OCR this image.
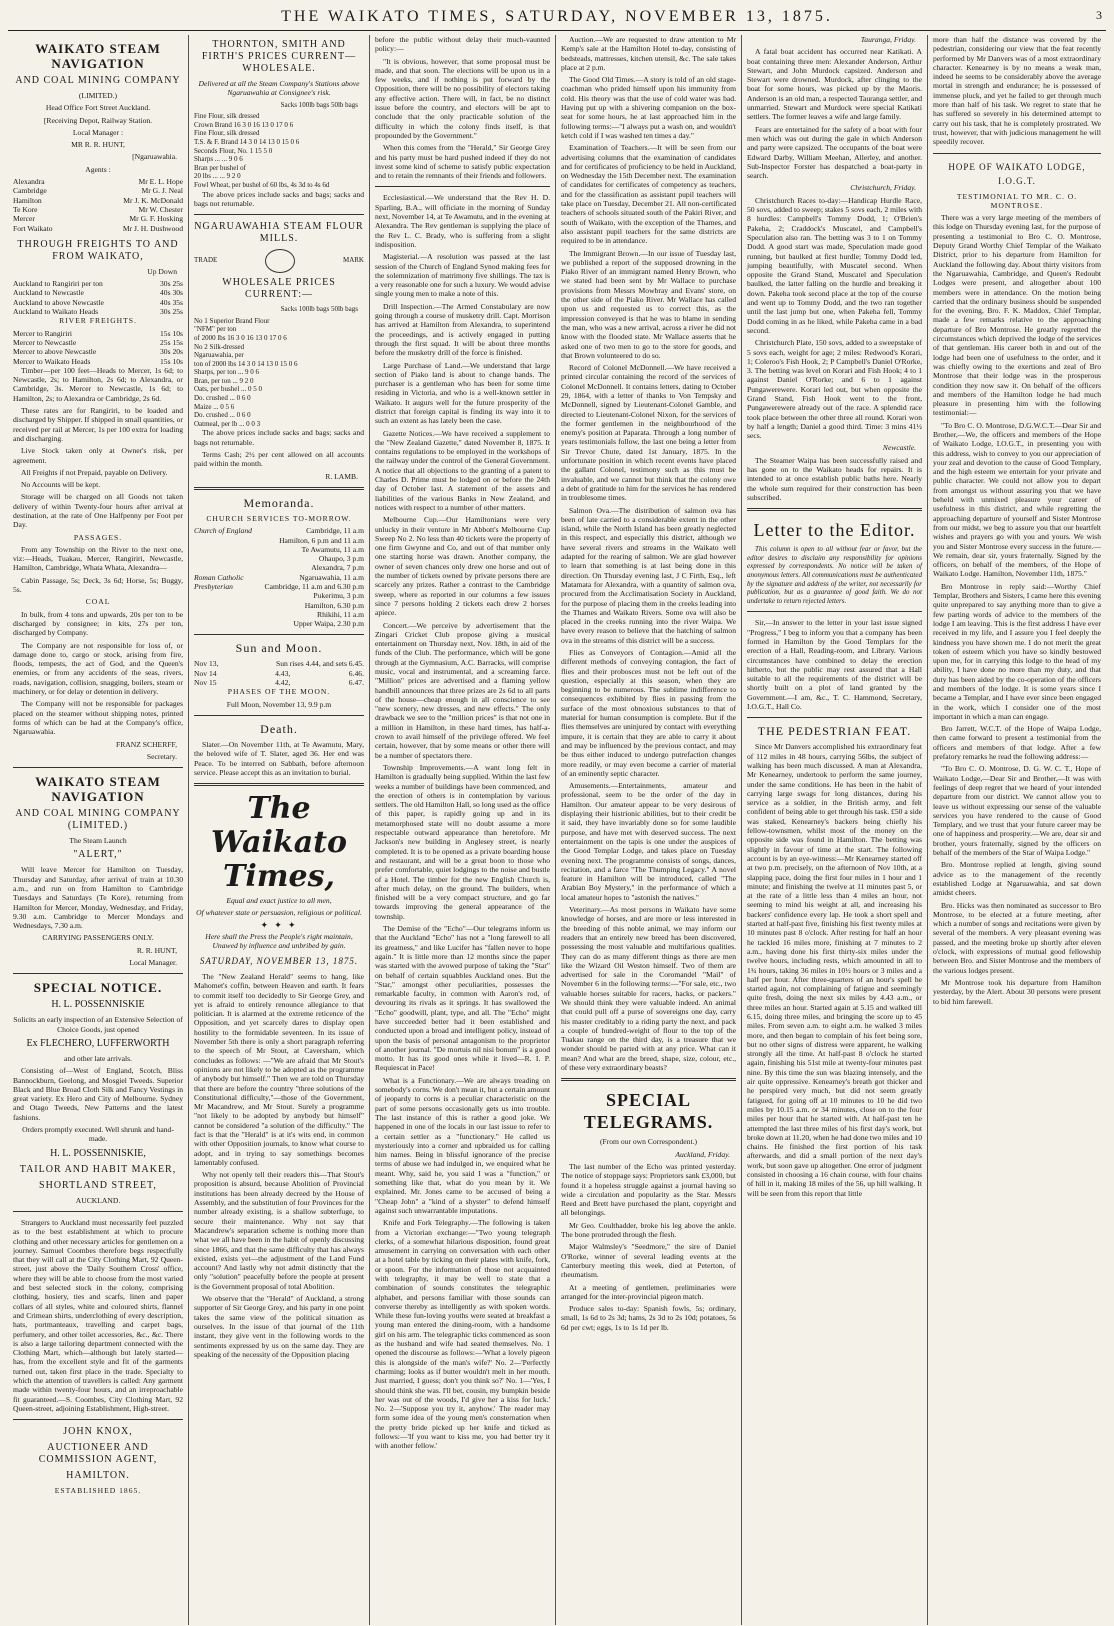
THE WAIKATO TIMES, SATURDAY, NOVEMBER 13, 1875.	3
WAIKATO STEAM NAVIGATION
AND COAL MINING COMPANY

(LIMITED.)

Head Office Fort Street Auckland.

[Receiving Depot, Railway Station.

Local Manager :

MR R. R. HUNT,

[Ngaruawahia.

Agents :

Alexandra	Mr E. L. Hope
Cambridge	Mr G. J. Neal
Hamilton	Mr J. K. McDonald
Te Kore	Mr W. Chester
Mercer	Mr G. F. Hosking
Fort Waikato	Mr J. H. Dushwood
THROUGH FREIGHTS TO AND FROM WAIKATO,

Up Down

Auckland to Rangiriri per ton	30s 25s
Auckland to Newcastle	40s 30s
Auckland to above Newcastle	40s 35s
Auckland to Waikato Heads	30s 25s

RIVER FREIGHTS.

Mercer to Rangiriri	15s 10s
Mercer to Newcastle	25s 15s
Mercer to above Newcastle	30s 20s
Mercer to Waikato Heads	15s 10s

Timber—per 100 feet—Heads to Mercer, 1s 6d; to Newcastle, 2s; to Hamilton, 2s 6d; to Alexandra, or Cambridge, 3s. Mercer to Newcastle, 1s 6d; to Hamilton, 2s; to Alexandra or Cambridge, 2s 6d.

These rates are for Rangiriri, to be loaded and discharged by Shipper. If shipped in small quantities, or received per rail at Mercer, 1s per 100 extra for loading and discharging.

Live Stock taken only at Owner's risk, per agreement.

All Freights if not Prepaid, payable on Delivery.

No Accounts will be kept.

Storage will be charged on all Goods not taken delivery of within Twenty-four hours after arrival at destination, at the rate of One Halfpenny per Foot per Day.

PASSAGES.

From any Township on the River to the next one, viz:—Heads, Tuakau, Mercer, Rangiriri, Newcastle, Hamilton, Cambridge, Whata Whata, Alexandra—

Cabin Passage, 5s; Deck, 3s 6d; Horse, 5s; Buggy, 5s.

COAL

In bulk, from 4 tons and upwards, 20s per ton to be discharged by consignee; in kits, 27s per ton, discharged by Company.

The Company are not responsible for loss of, or damage done to, cargo or stock, arising from fire, floods, tempests, the act of God, and the Queen's enemies, or from any accidents of the seas, rivers, roads, navigation, collision, snagging, boilers, steam or machinery, or for delay or detention in delivery.

The Company will not be responsible for packages placed on the steamer without shipping notes, printed forms of which can be had at the Company's office, Ngaruawahia.

FRANZ SCHERFF,

Secretary.

WAIKATO STEAM NAVIGATION
AND COAL MINING COMPANY (LIMITED.)

The Steam Launch

"ALERT,"

Will leave Mercer for Hamilton on Tuesday, Thursday and Saturday, after arrival of train at 10.30 a.m., and run on from Hamilton to Cambridge Tuesdays and Saturdays (Te Kore), returning from Hamilton for Mercer, Monday, Wednesday, and Friday, 9.30 a.m. Cambridge to Mercer Mondays and Wednesdays, 7.30 a.m.

CARRYING PASSENGERS ONLY.

R. R. HUNT,

Local Manager.

SPECIAL NOTICE.
H. L. POSSENNISKIE

Solicits an early inspection of an Extensive Selection of Choice Goods, just opened

Ex FLECHERO, LUFFERWORTH

and other late arrivals.

Consisting of—West of England, Scotch, Bliss Bannockburn, Geelong, and Mosgiel Tweeds. Superior Black and Blue Broad Cloth Silk and Fancy Vestings in great variety. Ex Hero and City of Melbourne. Sydney and Otago Tweeds, New Patterns and the latest fashions.

Orders promptly executed. Well shrunk and hand-made.

H. L. POSSENNISKIE,
TAILOR AND HABIT MAKER,
SHORTLAND STREET,

AUCKLAND.

Strangers to Auckland must necessarily feel puzzled as to the best establishment at which to procure clothing and other necessary articles for gentlemen on a journey. Samuel Coombes therefore begs respectfully that they will call at the City Clothing Mart, 92 Queen-street, just above the 'Daily Southern Cross' office, where they will be able to choose from the most varied and best selected stock in the colony, comprising clothing, hosiery, ties and scarfs, linen and paper collars of all styles, white and coloured shirts, flannel and Crimean shirts, underclothing of every description, hats, portmanteaux, travelling and carpet bags, perfumery, and other toilet accessories, &c., &c. There is also a large tailoring department connected with the Clothing Mart, which—although but lately started—has, from the excellent style and fit of the garments turned out, taken first place in the trade. Specialty to which the attention of travellers is called: Any garment made within twenty-four hours, and an irreproachable fit guaranteed.—S. Coombes, City Clothing Mart, 92 Queen-street, adjoining Establishment, High-street.

JOHN KNOX,
AUCTIONEER AND COMMISSION AGENT,
HAMILTON.

ESTABLISHED 1865.

THORNTON, SMITH AND FIRTH'S PRICES CURRENT—WHOLESALE.

Delivered at all the Steam Company's Stations above Ngaruawahia at Consignee's risk.

Sacks 100lb bags 50lb bags

Fine Flour, silk dressed

Crown Brand 16 3 0 16 13 0 17 0 6

Fine Flour, silk dressed

T.S. & F. Brand 14 3 0 14 13 0 15 0 6

Seconds Flour, No. 1 15 5 0

Sharps ... ... 9 0 6

Bran per bushel of

20 lbs ... ... 9 2 0

Fowl Wheat, per bushel of 60 lbs, 4s 3d to 4s 6d

The above prices include sacks and bags; sacks and bags not returnable.

NGARUAWAHIA STEAM FLOUR MILLS.
TRADE	MARK
WHOLESALE PRICES CURRENT:—

Sacks 100lb bags 50lb bags

No 1 Superior Brand Flour

"NFM" per ton

of 2000 lbs 16 3 0 16 13 0 17 0 6

No 2 Silk-dressed

Ngaruawahia, per

ton of 2000 lbs 14 3 0 14 13 0 15 0 6

Sharps, per ton ... 9 0 6

Bran, per ton ... 9 2 0

Oats, per bushel ... 0 5 0

Do. crushed ... 0 6 0

Maize ... 0 5 6

Do. crushed ... 0 6 0

Oatmeal, per lb ... 0 0 3

The above prices include sacks and bags; sacks and bags not returnable.

Terms Cash; 2½ per cent allowed on all accounts paid within the month.

R. LAMB.

Memoranda.

CHURCH SERVICES TO-MORROW.

Church of England	Cambridge, 11 a.m
Hamilton, 6 p.m and 11 a.m
Te Awamutu, 11 a.m
Ohaupo, 3 p.m
Alexandra, 7 p.m
Roman Catholic	Ngaruawahia, 11 a.m
Presbyterian	Cambridge, 11 a.m and 6.30 p.m
Pukerimu, 3 p.m
Hamilton, 6.30 p.m
Rhikihi, 11 a.m
Upper Waipa, 2.30 p.m
Sun and Moon.
Nov 13,	Sun rises 4.44, and sets 6.45.
Nov 14	4.43,	6.46.
Nov 15	4.42,	6.47.

PHASES OF THE MOON.

Full Moon, November 13, 9.9 p.m

Death.

Slater.—On November 11th, at Te Awamutu, Mary, the beloved wife of T. Slater, aged 36. Her end was Peace. To be interred on Sabbath, before afternoon service. Please accept this as an invitation to burial.

The Waikato Times,

Equal and exact justice to all men,

Of whatever state or persuasion, religious or political.

✦ ✦ ✦

Here shall the Press the People's right maintain, Unawed by influence and unbribed by gain.

SATURDAY, NOVEMBER 13, 1875.

The "New Zealand Herald" seems to hang, like Mahomet's coffin, between Heaven and earth. It fears to commit itself too decidedly to Sir George Grey, and yet is afraid to entirely renounce allegiance to that politician. It is alarmed at the extreme reticence of the Opposition, and yet scarcely dares to display open hostility to the formidable seventeen. In its issue of November 5th there is only a short paragraph referring to the speech of Mr Stout, at Caversham, which concludes as follows: —"We are afraid that Mr Stout's opinions are not likely to be adopted as the programme of anybody but himself." Then we are told on Thursday that there are before the country "three solutions of the Constitutional difficulty,"—those of the Government, Mr Macandrew, and Mr Stout. Surely a programme "not likely to be adopted by anybody but himself" cannot be considered "a solution of the difficulty." The fact is that the "Herald" is at it's wits end, in common with other Opposition journals, to know what course to adopt, and in trying to say somethings becomes lamentably confused.

Why not openly tell their readers this—That Stout's proposition is absurd, because Abolition of Provincial institutions has been already decreed by the House of Assembly, and the substitution of four Provinces for the number already existing, is a shallow subterfuge, to secure their maintenance. Why not say that Macandrew's separation scheme is nothing more than what we all have been in the habit of openly discussing since 1866, and that the same difficulty that has always existed, exists yet—the adjustment of the Land Fund account? And lastly why not admit distinctly that the only "solution" peacefully before the people at present is the Government proposal of total Abolition.

We observe that the "Herald" of Auckland, a strong supporter of Sir George Grey, and his party in one point takes the same view of the political situation as ourselves. In the issue of that journal of the 11th instant, they give vent in the following words to the sentiments expressed by us on the same day. They are speaking of the necessity of the Opposition placing

before the public without delay their much-vaunted policy:—

"It is obvious, however, that some proposal must be made, and that soon. The elections will be upon us in a few weeks, and if nothing is put forward by the Opposition, there will be no possibility of electors taking any effective action. There will, in fact, be no distinct issue before the country, and electors will be apt to conclude that the only practicable solution of the difficulty in which the colony finds itself, is that propounded by the Government."

When this comes from the "Herald," Sir George Grey and his party must be hard pushed indeed if they do not invest some kind of scheme to satisfy public expectation and to retain the remnants of their friends and followers.

Ecclesiastical.—We understand that the Rev H. D. Sparling, B.A., will officiate in the morning of Sunday next, November 14, at Te Awamutu, and in the evening at Alexandra. The Rev gentleman is supplying the place of the Rev L. C. Brady, who is suffering from a slight indisposition.

Magisterial.—A resolution was passed at the last session of the Church of England Synod making fees for the solemnization of matrimony five shillings. The tax is a very reasonable one for such a luxury. We would advise single young men to make a note of this.

Drill Inspection.—The Armed Constabulary are now going through a course of musketry drill. Capt. Morrison has arrived at Hamilton from Alexandra, to superintend the proceedings, and is actively engaged in putting through the first squad. It will be about three months before the musketry drill of the force is finished.

Large Purchase of Land.—We understand that large section of Piako land is about to change hands. The purchaser is a gentleman who has been for some time residing in Victoria, and who is a well-known settler in Waikato. It augurs well for the future prosperity of the district that foreign capital is finding its way into it to such an extent as has lately been the case.

Gazette Notices.—We have received a supplement to the "New Zealand Gazette," dated November 8, 1875. It contains regulations to be employed in the workshops of the railway under the control of the General Government. A notice that all objections to the granting of a patent to Charles D. Prime must be lodged on or before the 24th day of October last. A statement of the assets and liabilities of the various Banks in New Zealand, and notices with respect to a number of other matters.

Melbourne Cup.—Our Hamiltonians were very unlucky in their venture in Mr Abbott's Melbourne Cup Sweep No 2. No less than 40 tickets were the property of one firm Gwynne and Co, and out of that number only one starting horse was drawn. Another company, the owner of seven chances only drew one horse and out of the number of tickets owned by private persons there are scarcely any prizes. Rather a contrast to the Cambridge sweep, where as reported in our columns a few issues since 7 persons holding 2 tickets each drew 2 horses apiece.

Concert.—We perceive by advertisement that the Zingari Cricket Club propose giving a musical entertainment on Thursday next, Nov. 18th, in aid of the funds of the Club. The performance, which will be gone through at the Gymnasium, A.C. Barracks, will comprise music, vocal and instrumental, and a screaming farce. "Million" prices are advertised and a flaming yellow handbill announces that three prizes are 2s 6d to all parts of the house—cheap enough in all conscience to see "new scenery, new dresses, and new effects." The only drawback we see to the "million prices" is that not one in a million in Hamilton, in these hard times, has half-a-crown to avail himself of the privilege offered. We feel certain, however, that by some means or other there will be a number of spectators there.

Township Improvements.—A want long felt in Hamilton is gradually being supplied. Within the last few weeks a number of buildings have been commenced, and the erection of others is in contemplation by various settlers. The old Hamilton Hall, so long used as the office of this paper, is rapidly going up and in its metamorphosed state will no doubt assume a more respectable outward appearance than heretofore. Mr Jackson's new building in Anglesey street, is nearly completed. It is to be opened as a private boarding house and restaurant, and will be a great boon to those who prefer comfortable, quiet lodgings to the noise and bustle of a Hotel. The timber for the new English Church is, after much delay, on the ground. The builders, when finished will be a very compact structure, and go far towards improving the general appearance of the township.

The Demise of the "Echo"—Our telegrams inform us that the Auckland "Echo" has not a "long farewell to all its greatness," and like Lucifer has "fallen never to hope again." It is little more than 12 months since the paper was started with the avowed purpose of taking the "Star" on behalf of certain squabbles Auckland ones. But the "Star," amongst other peculiarities, possesses the remarkable faculty, in common with Aaron's rod, of devouring its rivals as it springs. It has swallowed the "Echo" goodwill, plant, type, and all. The "Echo" might have succeeded better had it been established and conducted upon a broad and intelligent policy, instead of upon the basis of personal antagonism to the proprietor of another journal. "De mortuis nil nisi bonum" is a good motto. It has its good ones while it lived—R. I. P. Requiescat in Pace!

What is a Functionary.—We are always treading on somebody's corns. We don't mean it, but a certain amount of jeopardy to corns is a peculiar characteristic on the part of some persons occasionally gets us into trouble. The last instance of this is rather a good joke. We happened in one of the locals in our last issue to refer to a certain settler as a "functionary." He called us mysteriously into a corner and upbraided us for calling him names. Being in blissful ignorance of the precise terms of abuse we had indulged in, we enquired what he meant. Why, said he, you said I was a "function," or something like that, what do you mean by it. We explained. Mr. Jones came to be accused of being a "Cheap John" a "kind of a shyster" to defend himself against such unwarrantable imputations.

Knife and Fork Telegraphy.—The following is taken from a Victorian exchange:—"Two young telegraph clerks, of a somewhat hilarious disposition, found great amusement in carrying on conversation with each other at a hotel table by ticking on their plates with knife, fork, or spoon. For the information of those not acquainted with telegraphy, it may be well to state that a combination of sounds constitutes the telegraphic alphabet, and persons familiar with those sounds can converse thereby as intelligently as with spoken words. While these fun-loving youths were seated at breakfast a young man entered the dining-room, with a handsome girl on his arm. The telegraphic ticks commenced as soon as the husband and wife had seated themselves. No. 1 opened the discourse as follows:—'What a lovely pigeon this is alongside of the man's wife?' No. 2—'Perfectly charming; looks as if butter wouldn't melt in her mouth. Just married, I guess; don't you think so?' No. 1—'Yes, I should think she was. I'll bet, cousin, my bumpkin beside her was out of the woods, I'd give her a kiss for luck.' No. 2—'Suppose you try it, anyhow.' The reader may form some idea of the young men's consternation when the pretty bride picked up her knife and ticked as follows:—'If you want to kiss me, you had better try it with another fellow.'

Auction.—We are requested to draw attention to Mr Kemp's sale at the Hamilton Hotel to-day, consisting of bedsteads, mattresses, kitchen utensil, &c. The sale takes place at 2 p.m.

The Good Old Times.—A story is told of an old stage-coachman who prided himself upon his immunity from cold. His theory was that the use of cold water was bad. Having put up with a shivering companion on the box-seat for some hours, he at last approached him in the following terms:—"I always put a wash on, and wouldn't ketch cold if I was washed ten times a day."

Examination of Teachers.—It will be seen from our advertising columns that the examination of candidates and for certificates of proficiency to be held in Auckland, on Wednesday the 15th December next. The examination of candidates for certificates of competency as teachers, and for the classification as assistant pupil teachers will take place on Tuesday, December 21. All non-certificated teachers of schools situated south of the Pakiri River, and south of Waikato, with the exception of the Thames, and also assistant pupil teachers for the same districts are required to be in attendance.

The Immigrant Brown.—In our issue of Tuesday last, we published a report of the supposed drowning in the Piako River of an immigrant named Henry Brown, who we stated had been sent by Mr Wallace to purchase provisions from Messrs Mowbray and Evans' store, on the other side of the Piako River. Mr Wallace has called upon us and requested us to correct this, as the impression conveyed is that he was to blame in sending the man, who was a new arrival, across a river he did not know with the flooded state. Mr Wallace asserts that he asked one of two men to go to the store for goods, and that Brown volunteered to do so.

Record of Colonel McDonnell.—We have received a printed circular containing the record of the services of Colonel McDonnell. It contains letters, dating to October 29, 1864, with a letter of thanks to Von Tempsky and McDonnell, signed by Lieutenant-Colonel Gamble, and directed to Lieutenant-Colonel Nixon, for the services of the former gentlemen in the neighbourhood of the enemy's position at Paparata. Through a long number of years testimonials follow, the last one being a letter from Sir Trevor Chute, dated 1st January, 1875. In the unfortunate position in which recent events have placed the gallant Colonel, testimony such as this must be invaluable, and we cannot but think that the colony owe a debt of gratitude to him for the services he has rendered in troublesome times.

Salmon Ova.—The distribution of salmon ova has been of late carried to a considerable extent in the other island, while the North Island has been greatly neglected in this respect, and especially this district, although we have several rivers and streams in the Waikato well adapted for the rearing of salmon. We are glad however to learn that something is at last being done in this direction. On Thursday evening last, J C Firth, Esq., left Matamata for Alexandra, with a quantity of salmon ova, procured from the Acclimatisation Society in Auckland, for the purpose of placing them in the creeks leading into the Thames and Waikato Rivers. Some ova will also be placed in the creeks running into the river Waipa. We have every reason to believe that the hatching of salmon ova in the streams of this district will be a success.

Flies as Conveyors of Contagion.—Amid all the different methods of conveying contagion, the fact of flies and their probosces must not be left out of the question, especially at this season, when they are beginning to be numerous. The sublime indifference to consequences exhibited by flies in passing from the surface of the most obnoxious substances to that of material for human consumption is complete. But if the flies themselves are uninjured by contact with everything impure, it is certain that they are able to carry it about and may be influenced by the previous contact, and may be thus either induced to undergo putrefaction changes more readily, or may even become a carrier of material of an eminently septic character.

Amusements.—Entertainments, amateur and professional, seem to be the order of the day in Hamilton. Our amateur appear to be very desirous of displaying their histrionic abilities, but to their credit be it said, they have invariably done so for some laudible purpose, and have met with deserved success. The next entertainment on the tapis is one under the auspices of the Good Templar Lodge, and takes place on Tuesday evening next. The programme consists of songs, dances, recitation, and a farce "The Thumping Legacy." A novel feature in Hamilton will be introduced, called "The Arabian Boy Mystery," in the performance of which a local amateur hopes to "astonish the natives."

Veterinary.—As most persons in Waikato have some knowledge of horses, and are more or less interested in the breeding of this noble animal, we may inform our readers that an entirely new breed has been discovered, possessing the most valuable and multifarious qualities. They can do as many different things as there are men like the Wizard Oil Weston himself. Two of them are advertised for sale in the Coromandel "Mail" of November 6 in the following terms:—"For sale, etc., two valuable horses suitable for racers, hacks, or packers." We should think they were valuable indeed. An animal that could pull off a purse of sovereigns one day, carry his master creditably to a riding party the next, and pack a couple of hundred-weight of flour to the top of the Tuakau range on the third day, is a treasure that we wonder should be parted with at any price. What can it mean? And what are the breed, shape, size, colour, etc., of these very extraordinary beasts?

SPECIAL TELEGRAMS.

(From our own Correspondent.)

Auckland, Friday.

The last number of the Echo was printed yesterday. The notice of stoppage says: Proprietors sank £3,000, but found it a hopeless struggle against a journal having so wide a circulation and popularity as the Star. Messrs Reed and Brett have purchased the plant, copyright and all belongings.

Mr Geo. Coulthadder, broke his leg above the ankle. The bone protruded through the flesh.

Major Walmsley's "Seedmore," the sire of Daniel O'Rorke, winner of several leading events at the Canterbury meeting this week, died at Peterton, of rheumatism.

At a meeting of gentlemen, preliminaries were arranged for the inter-provincial pigeon match.

Produce sales to-day: Spanish fowls, 5s; ordinary, small, 1s 6d to 2s 3d; hams, 2s 3d to 2s 10d; potatoes, 5s 6d per cwt; eggs, 1s to 1s 1d per lb.

Tauranga, Friday.

A fatal boat accident has occurred near Katikati. A boat containing three men: Alexander Anderson, Arthur Stewart, and John Murdock capsized. Anderson and Stewart were drowned. Murdock, after clinging to the boat for some hours, was picked up by the Maoris. Anderson is an old man, a respected Tauranga settler, and unmarried. Stewart and Murdock were special Katikati settlers. The former leaves a wife and large family.

Fears are entertained for the safety of a boat with four men which was out during the gale in which Anderson and party were capsized. The occupants of the boat were Edward Darby, William Meehan, Allerley, and another. Sub-Inspector Forster has despatched a boat-party in search.

Christchurch, Friday.

Christchurch Races to-day:—Handicap Hurdle Race, 50 sovs, added to sweep; stakes 5 sovs each, 2 miles with 8 hurdles: Campbell's Tommy Dodd, 1; O'Brien's Pakeha, 2; Craddock's Muscatel, and Campbell's Speculation also ran. The betting was 3 to 1 on Tommy Dodd. A good start was made, Speculation made good running, but baulked at first hurdle; Tommy Dodd led, jumping beautifully, with Muscatel second. When opposite the Grand Stand, Muscatel and Speculation baulked, the latter falling on the hurdle and breaking it down. Pakeha took second place at the top of the course and went up to Tommy Dodd, and the two ran together until the last jump but one, when Pakeha fell, Tommy Dodd coming in as he liked, while Pakeha came in a bad second.

Christchurch Plate, 150 sovs, added to a sweepstake of 5 sovs each, weight for age; 2 miles: Redwood's Korari, 1; Coleroo's Fish Hook, 2; P Campbell's Daniel O'Rorke, 3. The betting was level on Korari and Fish Hook; 4 to 1 against Daniel O'Rorke; and 6 to 1 against Pungawerewere. Korari led out, but when opposite the Grand Stand, Fish Hook went to the front, Pungawerewere already out of the race. A splendid race took place between the other three all round. Korari won by half a length; Daniel a good third. Time: 3 mins 41½ secs.

Newcastle.

The Steamer Waipa has been successfully raised and has gone on to the Waikato heads for repairs. It is intended to at once establish public baths here. Nearly the whole sum required for their construction has been subscribed.

Letter to the Editor.

This column is open to all without fear or favor, but the editor desires to disclaim any responsibility for opinions expressed by correspondents. No notice will be taken of anonymous letters. All communications must be authenticated by the signature and address of the writer, not necessarily for publication, but as a guarantee of good faith. We do not undertake to return rejected letters.

Sir,—In answer to the letter in your last issue signed "Progress," I beg to inform you that a company has been formed in Hamilton by the Good Templars for the erection of a Hall, Reading-room, and Library. Various circumstances have combined to delay the erection hitherto, but the public may rest assured that a Hall suitable to all the requirements of the district will be shortly built on a plot of land granted by the Government.—I am, &c., T. C. Hammond, Secretary, I.O.G.T., Hall Co.

THE PEDESTRIAN FEAT.

Since Mr Danvers accomplished his extraordinary feat of 112 miles in 48 hours, carrying 56lbs, the subject of walking has been much discussed. A man at Alexandra, Mr Kenearney, undertook to perform the same journey, under the same conditions. He has been in the habit of carrying large swags for long distances, during his service as a soldier, in the British army, and felt confident of being able to get through his task. £50 a side was staked, Kenearney's backers being chiefly his fellow-townsmen, whilst most of the money on the opposite side was found in Hamilton. The betting was slightly in favour of time at the start. The following account is by an eye-witness:—Mr Kenearney started off at two p.m. precisely, on the afternoon of Nov 10th, at a slapping pace, doing the first four miles in 1 hour and 1 minute; and finishing the twelve at 11 minutes past 5, or at the rate of a little less than 4 miles an hour, not seeming to mind his weight at all, and increasing his backers' confidence every lap. He took a short spell and started at half-past five, finishing his first twenty miles at 10 minutes past 8 o'clock. After resting for half an hour he tackled 16 miles more, finishing at 7 minutes to 2 a.m., having done his first thirty-six miles under the twelve hours, including rests, which amounted in all to 1¾ hours, taking 36 miles in 10½ hours or 3 miles and a half per hour. After three-quarters of an hour's spell he started again, not complaining of fatigue and seemingly quite fresh, doing the next six miles by 4.43 a.m., or three miles an hour. Started again at 5.15 and walked till 6.15, doing three miles, and bringing the score up to 45 miles. From seven a.m. to eight a.m. he walked 3 miles more, and then began to complain of his feet being sore, but no other signs of distress were apparent, he walking strongly all the time. At half-past 8 o'clock he started again, finishing his 51st mile at twenty-four minutes past nine. By this time the sun was blazing intensely, and the air quite oppressive. Kenearney's breath got thicker and he perspired very much, but did not seem greatly fatigued, for going off at 10 minutes to 10 he did two miles by 10.15 a.m. or 34 minutes, close on to the four miles per hour that he started with. At half-past ten he attempted the last three miles of his first day's work, but broke down at 11.20, when he had done two miles and 10 chains. He finished the first portion of his task afterwards, and did a small portion of the next day's work, but soon gave up altogether. One error of judgment consisted in choosing a 16 chain course, with four chains of hill in it, making 18 miles of the 56, up hill walking. It will be seen from this report that little

more than half the distance was covered by the pedestrian, considering our view that the feat recently performed by Mr Danvers was of a most extraordinary character. Kenearney is by no means a weak man, indeed he seems to be considerably above the average mortal in strength and endurance; he is possessed of immense pluck, and yet he failed to get through much more than half of his task. We regret to state that he has suffered so severely in his determined attempt to carry out his task, that he is completely prostrated. We trust, however, that with judicious management he will speedily recover.

HOPE OF WAIKATO LODGE, I.O.G.T.

TESTIMONIAL TO MR. C. O. MONTROSE.

There was a very large meeting of the members of this lodge on Thursday evening last, for the purpose of presenting a testimonial to Bro C. O. Montrose, Deputy Grand Worthy Chief Templar of the Waikato District, prior to his departure from Hamilton for Auckland the following day. About thirty visitors from the Ngaruawahia, Cambridge, and Queen's Redoubt Lodges were present, and altogether about 100 members were in attendance. On the motion being carried that the ordinary business should be suspended for the evening, Bro. F. K. Maddox, Chief Templar, made a few remarks relative to the approaching departure of Bro Montrose. He greatly regretted the circumstances which deprived the lodge of the services of that gentleman. His career both in and out of the lodge had been one of usefulness to the order, and it was chiefly owing to the exertions and zeal of Bro Montrose that their lodge was in the prosperous condition they now saw it. On behalf of the officers and members of the Hamilton lodge he had much pleasure in presenting him with the following testimonial:—

"To Bro C. O. Montrose, D.G.W.C.T.—Dear Sir and Brother,—We, the officers and members of the Hope of Waikato Lodge, I.O.G.T., in presenting you with this address, wish to convey to you our appreciation of your zeal and devotion to the cause of Good Templary, and the high esteem we entertain for your private and public character. We could not allow you to depart from amongst us without assuring you that we have beheld with unmixed pleasure your career of usefulness in this district, and while regretting the approaching departure of yourself and Sister Montrose from our midst, we beg to assure you that our heartfelt wishes and prayers go with you and yours. We wish you and Sister Montrose every success in the future.—We remain, dear sir, yours fraternally. Signed by the officers, on behalf of the members, of the Hope of Waikato Lodge. Hamilton, November 11th, 1875."

Bro Montrose in reply said:—Worthy Chief Templar, Brothers and Sisters, I came here this evening quite unprepared to say anything more than to give a few parting words of advice to the members of the lodge I am leaving. This is the first address I have ever received in my life, and I assure you I feel deeply the kindness you have shown me. I do not merit the great token of esteem which you have so kindly bestowed upon me, for in carrying this lodge to the head of my ability, I have done no more than my duty, and that duty has been aided by the co-operation of the officers and members of the lodge. It is some years since I became a Templar, and I have ever since been engaged in the work, which I consider one of the most important in which a man can engage.

Bro Jarrett, W.C.T. of the Hope of Waipa Lodge, then came forward to present a testimonial from the officers and members of that lodge. After a few prefatory remarks he read the following address:—

"To Bro C. O. Montrose, D. G. W. C. T., Hope of Waikato Lodge,—Dear Sir and Brother,—It was with feelings of deep regret that we heard of your intended departure from our district. We cannot allow you to leave us without expressing our sense of the valuable services you have rendered to the cause of Good Templary, and we trust that your future career may be one of happiness and prosperity.—We are, dear sir and brother, yours fraternally, signed by the officers on behalf of the members of the Star of Waipa Lodge."

Bro. Montrose replied at length, giving sound advice as to the management of the recently established Lodge at Ngaruawahia, and sat down amidst cheers.

Bro. Hicks was then nominated as successor to Bro Montrose, to be elected at a future meeting, after which a number of songs and recitations were given by several of the members. A very pleasant evening was passed, and the meeting broke up shortly after eleven o'clock, with expressions of mutual good fellowship between Bro. and Sister Montrose and the members of the various lodges present.

Mr Montrose took his departure from Hamilton yesterday, by the Alert. About 30 persons were present to bid him farewell.
